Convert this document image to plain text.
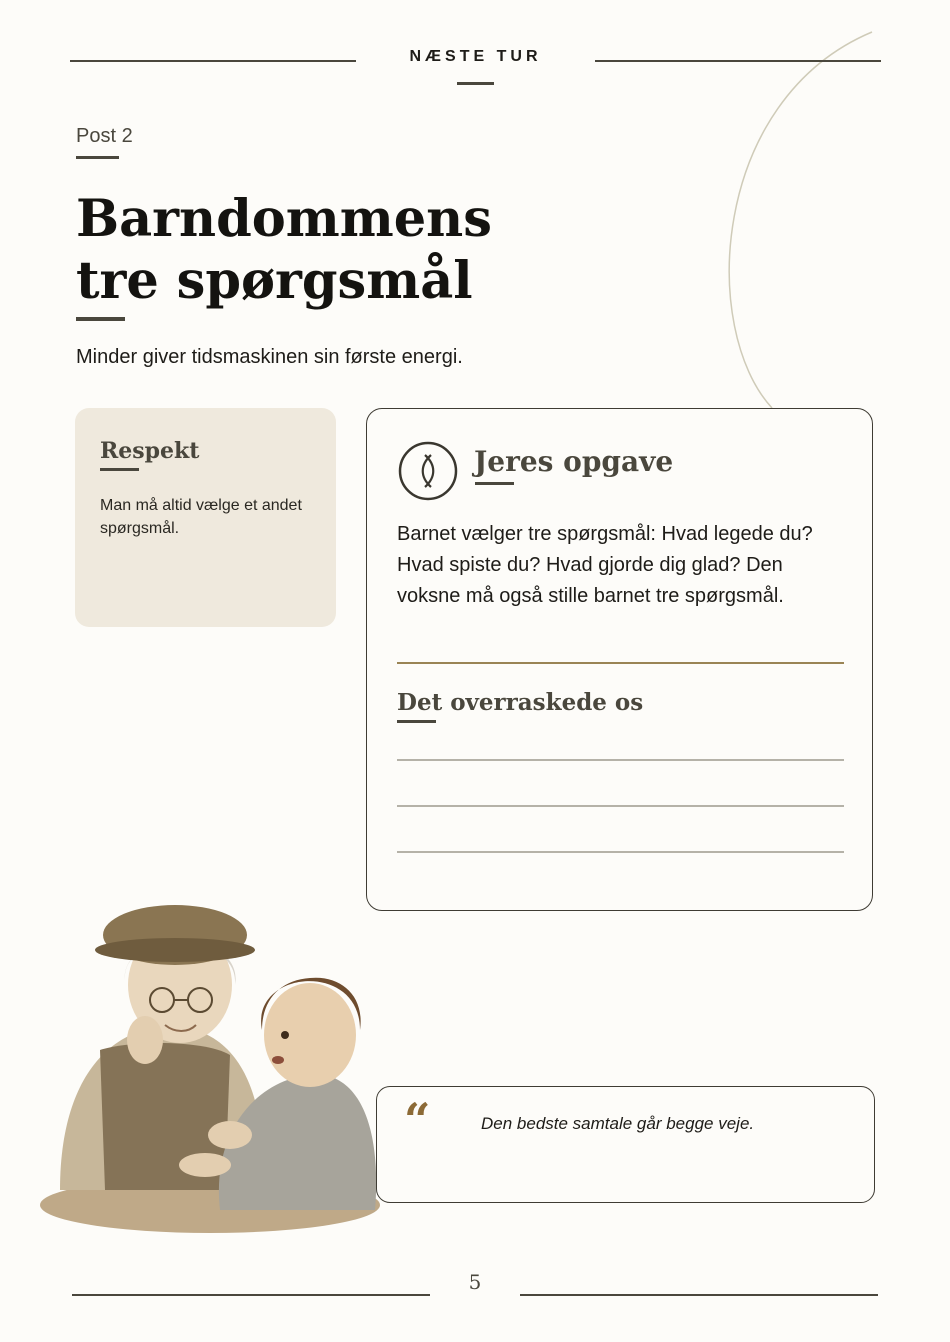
NÆSTE TUR
Post 2
Barndommens
tre spørgsmål
Minder giver tidsmaskinen sin første energi.
Respekt

Man må altid vælge et andet spørgsmål.

Jeres opgave

Barnet vælger tre spørgsmål: Hvad legede du? Hvad spiste du? Hvad gjorde dig glad? Den voksne må også stille barnet tre spørgsmål.

Det overraskede os
“	Den bedste samtale går begge veje.
5
